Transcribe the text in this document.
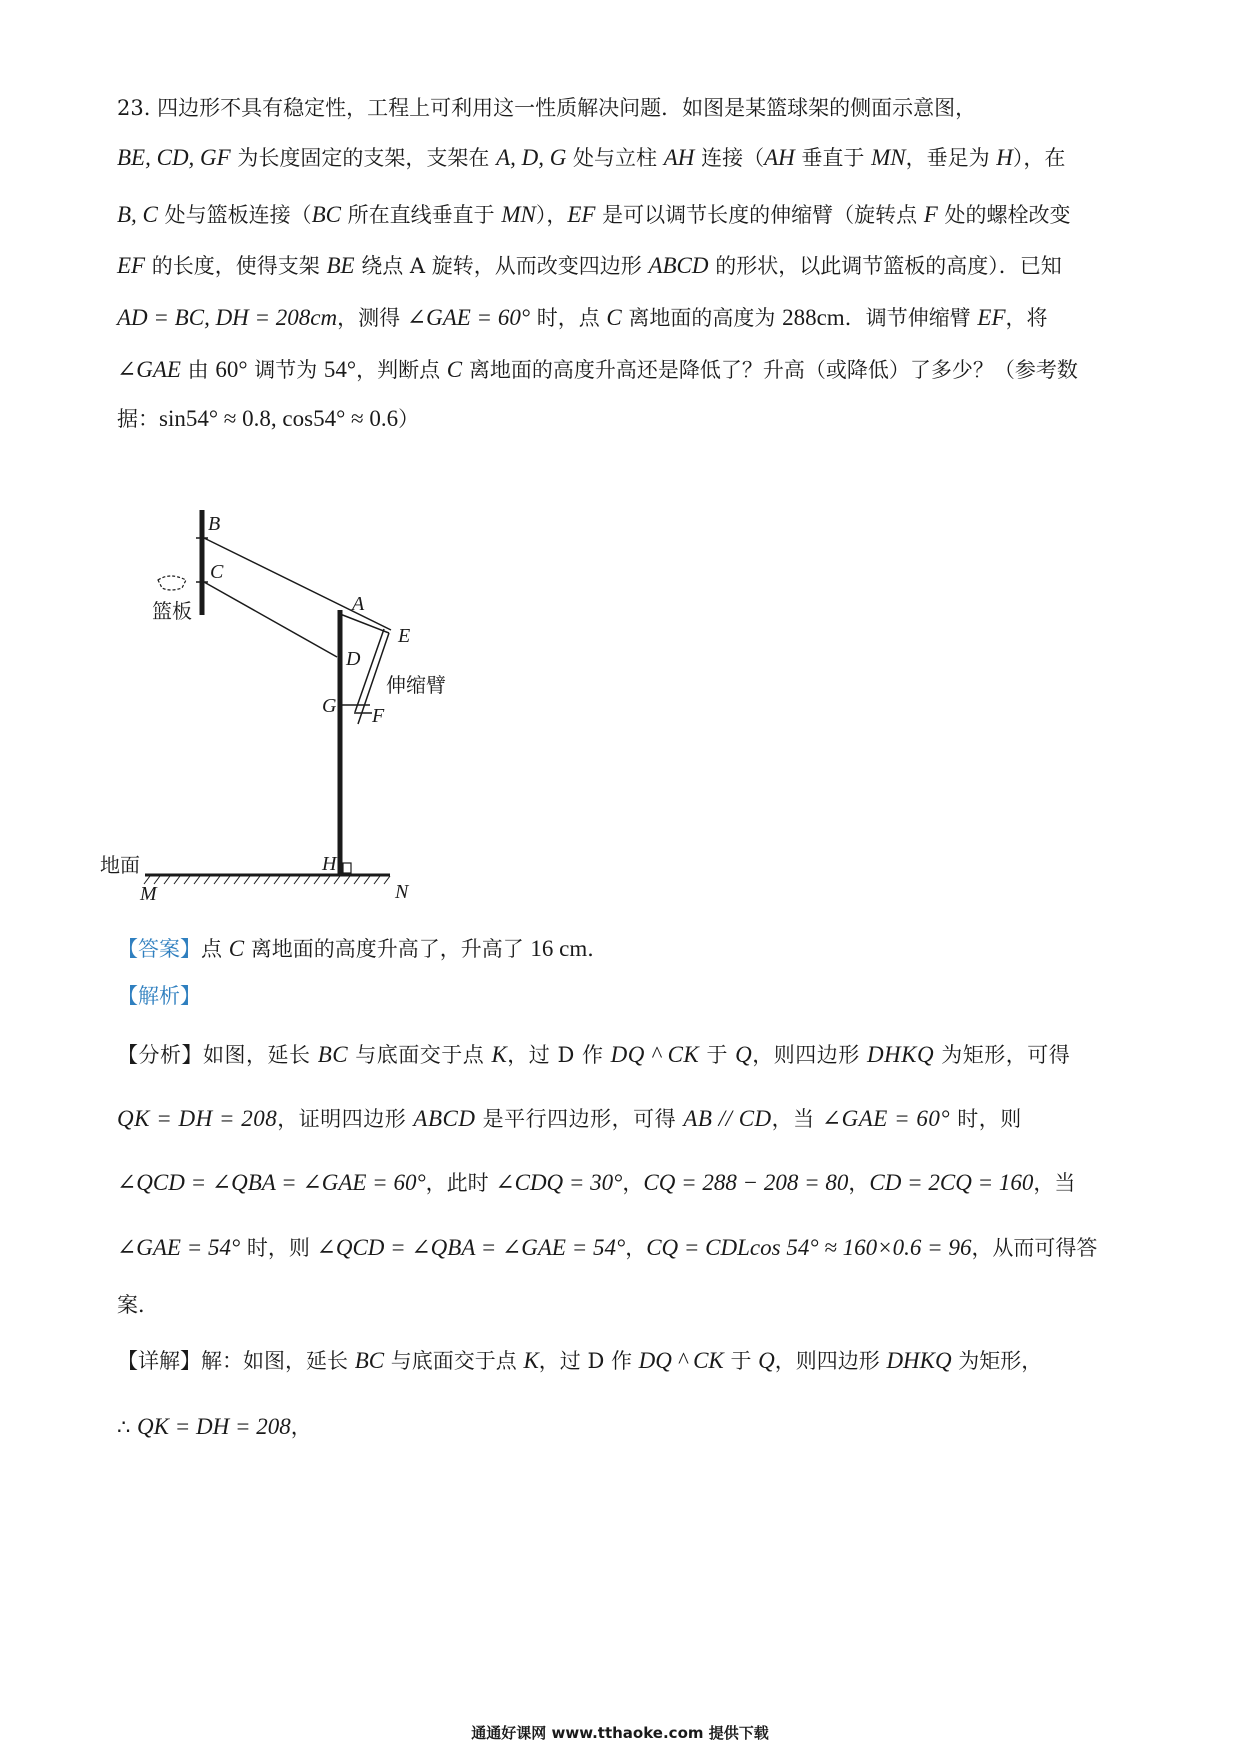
23. 四边形不具有稳定性，工程上可利用这一性质解决问题．如图是某篮球架的侧面示意图，
BE, CD, GF 为长度固定的支架，支架在 A, D, G 处与立柱 AH 连接（AH 垂直于 MN，垂足为 H），在
B, C 处与篮板连接（BC 所在直线垂直于 MN），EF 是可以调节长度的伸缩臂（旋转点 F 处的螺栓改变
EF 的长度，使得支架 BE 绕点 A 旋转，从而改变四边形 ABCD 的形状，以此调节篮板的高度）．已知
AD = BC, DH = 208cm，测得 ∠GAE = 60° 时，点 C 离地面的高度为 288cm．调节伸缩臂 EF，将
∠GAE 由 60° 调节为 54°，判断点 C 离地面的高度升高还是降低了？升高（或降低）了多少？（参考数
据：sin54° ≈ 0.8, cos54° ≈ 0.6）
B
C
篮板	A
E
D
伸缩臂
G F
H
地面
M	N
【答案】点 C 离地面的高度升高了，升高了 16 cm．
【解析】
【分析】如图，延长 BC 与底面交于点 K，过 D 作 DQ ^ CK 于 Q，则四边形 DHKQ 为矩形，可得
QK = DH = 208，证明四边形 ABCD 是平行四边形，可得 AB // CD，当 ∠GAE = 60° 时，则
∠QCD = ∠QBA = ∠GAE = 60°，此时 ∠CDQ = 30°，CQ = 288 − 208 = 80，CD = 2CQ = 160，当
∠GAE = 54° 时，则 ∠QCD = ∠QBA = ∠GAE = 54°，CQ = CDLcos 54° ≈ 160×0.6 = 96，从而可得答
案．
【详解】解：如图，延长 BC 与底面交于点 K，过 D 作 DQ ^ CK 于 Q，则四边形 DHKQ 为矩形，
∴ QK = DH = 208，
通通好课网 www.tthaoke.com 提供下载
